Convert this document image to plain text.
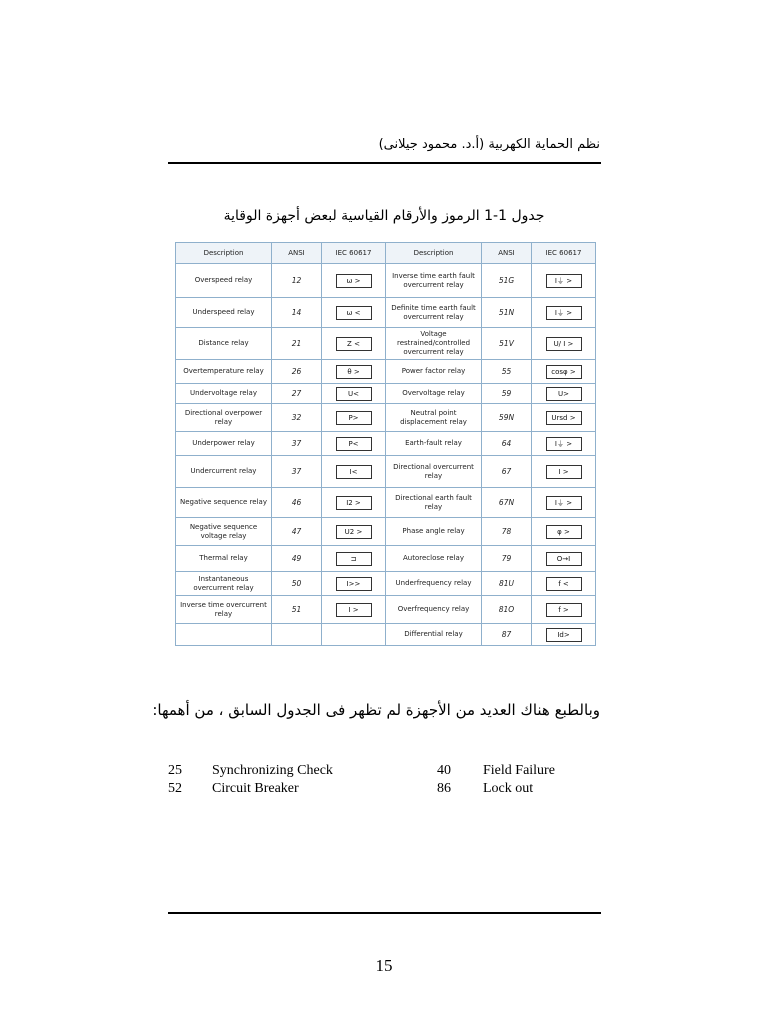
نظم الحماية الكهربية (أ.د. محمود جيلانى)
جدول 1-1 الرموز والأرقام القياسية لبعض أجهزة الوقاية
Description	ANSI	IEC 60617	Description	ANSI	IEC 60617
Overspeed relay	12	ω >	Inverse time earth fault overcurrent relay	51G	I⏚ >
Underspeed relay	14	ω <	Definite time earth fault overcurrent relay	51N	I⏚ >
Distance relay	21	Z <	Voltage restrained/controlled overcurrent relay	51V	U/ I >
Overtemperature relay	26	θ >	Power factor relay	55	cosφ >
Undervoltage relay	27	U<	Overvoltage relay	59	U>
Directional overpower relay	32	P>	Neutral point displacement relay	59N	Ursd >
Underpower relay	37	P<	Earth-fault relay	64	I⏚ >
Undercurrent relay	37	I<	Directional overcurrent relay	67	I >
Negative sequence relay	46	I2 >	Directional earth fault relay	67N	I⏚ >
Negative sequence voltage relay	47	U2 >	Phase angle relay	78	φ >
Thermal relay	49	⊐	Autoreclose relay	79	O→I
Instantaneous overcurrent relay	50	I>>	Underfrequency relay	81U	f <
Inverse time overcurrent relay	51	I >	Overfrequency relay	81O	f >
			Differential relay	87	Id>
وبالطبع هناك العديد من الأجهزة لم تظهر فى الجدول السابق ، من أهمها:
25 Synchronizing Check	40 Field Failure
52 Circuit Breaker	86 Lock out
15
